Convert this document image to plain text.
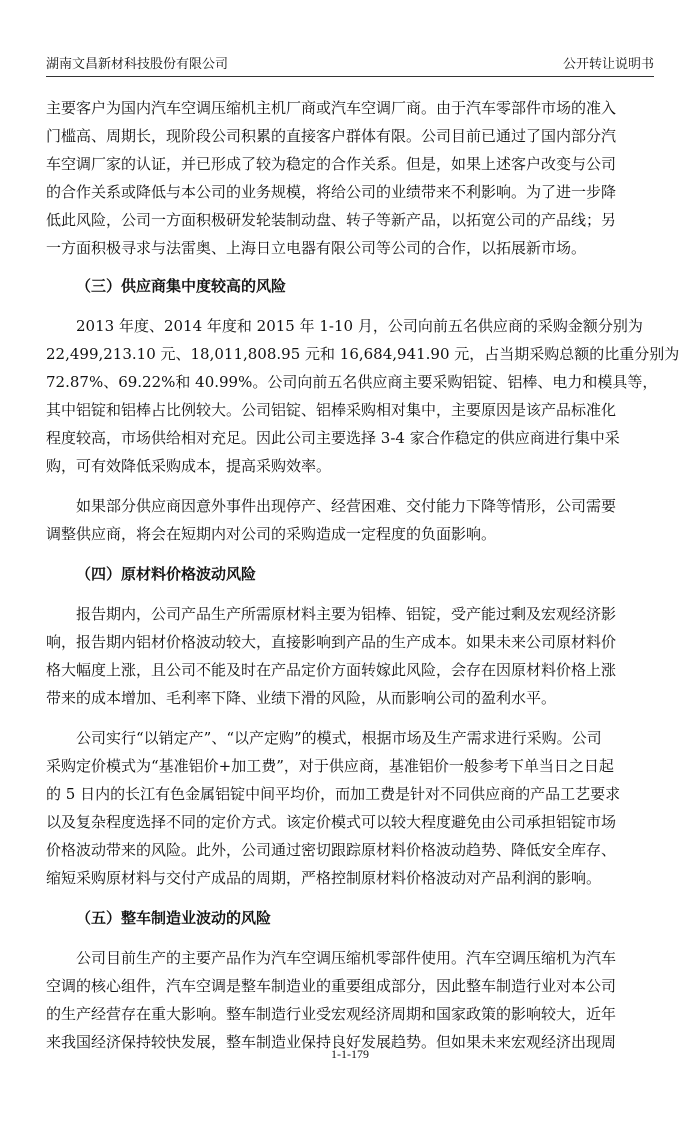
湖南文昌新材科技股份有限公司	公开转让说明书
主要客户为国内汽车空调压缩机主机厂商或汽车空调厂商。由于汽车零部件市场的准入
门槛高、周期长，现阶段公司积累的直接客户群体有限。公司目前已通过了国内部分汽
车空调厂家的认证，并已形成了较为稳定的合作关系。但是，如果上述客户改变与公司
的合作关系或降低与本公司的业务规模，将给公司的业绩带来不利影响。为了进一步降
低此风险，公司一方面积极研发轮装制动盘、转子等新产品，以拓宽公司的产品线；另
一方面积极寻求与法雷奥、上海日立电器有限公司等公司的合作，以拓展新市场。
（三）供应商集中度较高的风险
2013 年度、2014 年度和 2015 年 1-10 月，公司向前五名供应商的采购金额分别为
22,499,213.10 元、18,011,808.95 元和 16,684,941.90 元，占当期采购总额的比重分别为
72.87%、69.22%和 40.99%。公司向前五名供应商主要采购铝锭、铝棒、电力和模具等，
其中铝锭和铝棒占比例较大。公司铝锭、铝棒采购相对集中，主要原因是该产品标准化
程度较高，市场供给相对充足。因此公司主要选择 3-4 家合作稳定的供应商进行集中采
购，可有效降低采购成本，提高采购效率。
如果部分供应商因意外事件出现停产、经营困难、交付能力下降等情形，公司需要
调整供应商，将会在短期内对公司的采购造成一定程度的负面影响。
（四）原材料价格波动风险
报告期内，公司产品生产所需原材料主要为铝棒、铝锭，受产能过剩及宏观经济影
响，报告期内铝材价格波动较大，直接影响到产品的生产成本。如果未来公司原材料价
格大幅度上涨，且公司不能及时在产品定价方面转嫁此风险，会存在因原材料价格上涨
带来的成本增加、毛利率下降、业绩下滑的风险，从而影响公司的盈利水平。
公司实行“以销定产”、“以产定购”的模式，根据市场及生产需求进行采购。公司
采购定价模式为“基准铝价+加工费”，对于供应商，基准铝价一般参考下单当日之日起
的 5 日内的长江有色金属铝锭中间平均价，而加工费是针对不同供应商的产品工艺要求
以及复杂程度选择不同的定价方式。该定价模式可以较大程度避免由公司承担铝锭市场
价格波动带来的风险。此外，公司通过密切跟踪原材料价格波动趋势、降低安全库存、
缩短采购原材料与交付产成品的周期，严格控制原材料价格波动对产品利润的影响。
（五）整车制造业波动的风险
公司目前生产的主要产品作为汽车空调压缩机零部件使用。汽车空调压缩机为汽车
空调的核心组件，汽车空调是整车制造业的重要组成部分，因此整车制造行业对本公司
的生产经营存在重大影响。整车制造行业受宏观经济周期和国家政策的影响较大，近年
来我国经济保持较快发展，整车制造业保持良好发展趋势。但如果未来宏观经济出现周
1-1-179
